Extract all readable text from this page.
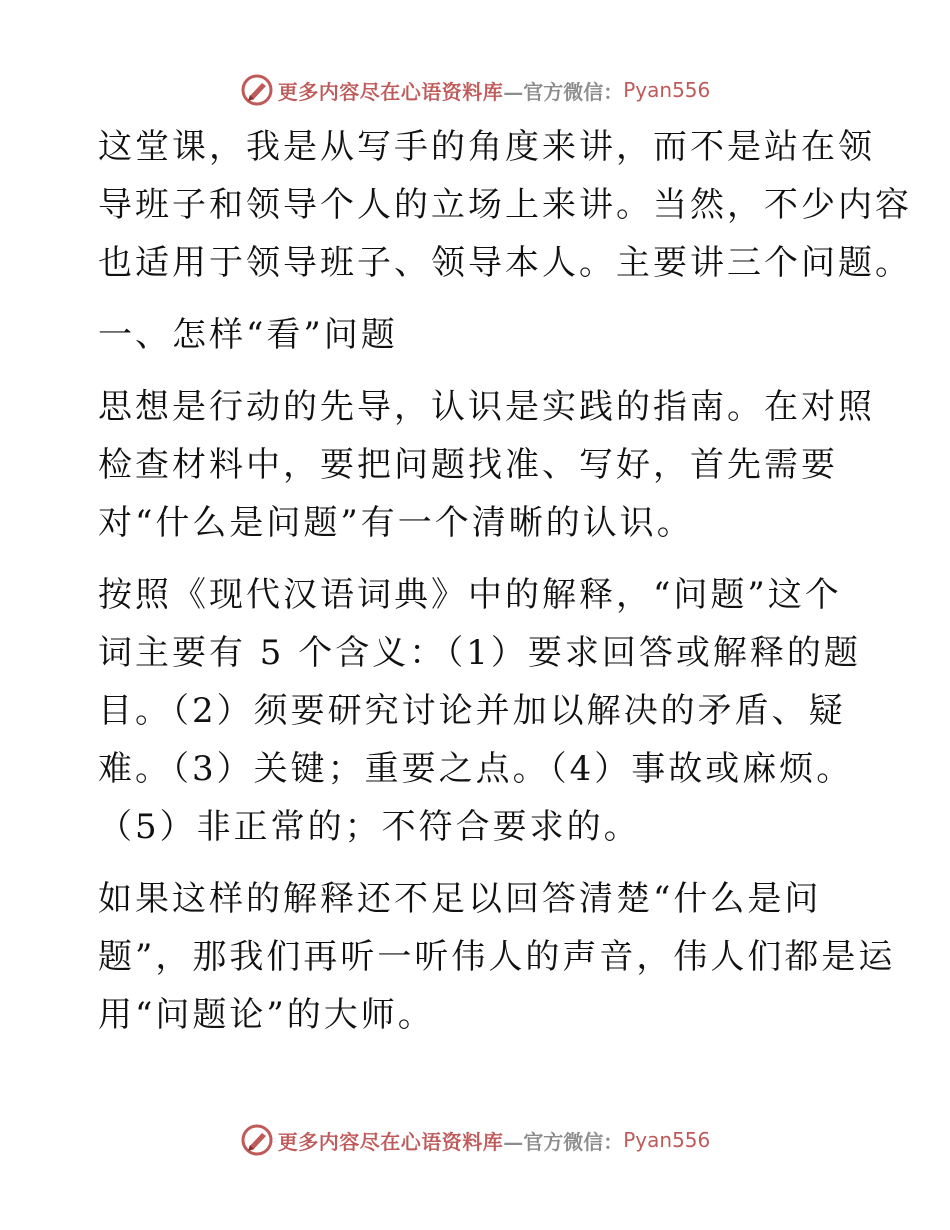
更多内容尽在心语资料库 —官方微信： Pyan556
这堂课，我是从写手的角度来讲，而不是站在领
导班子和领导个人的立场上来讲。当然，不少内容
也适用于领导班子、领导本人。主要讲三个问题。
一、怎样“看”问题
思想是行动的先导，认识是实践的指南。在对照
检查材料中，要把问题找准、写好，首先需要
对“什么是问题”有一个清晰的认识。
按照《现代汉语词典》中的解释，“问题”这个
词主要有 5 个含义：（1）要求回答或解释的题
目。（2）须要研究讨论并加以解决的矛盾、疑
难。（3）关键；重要之点。（4）事故或麻烦。
（5）非正常的；不符合要求的。
如果这样的解释还不足以回答清楚“什么是问
题”，那我们再听一听伟人的声音，伟人们都是运
用“问题论”的大师。
更多内容尽在心语资料库 —官方微信： Pyan556
